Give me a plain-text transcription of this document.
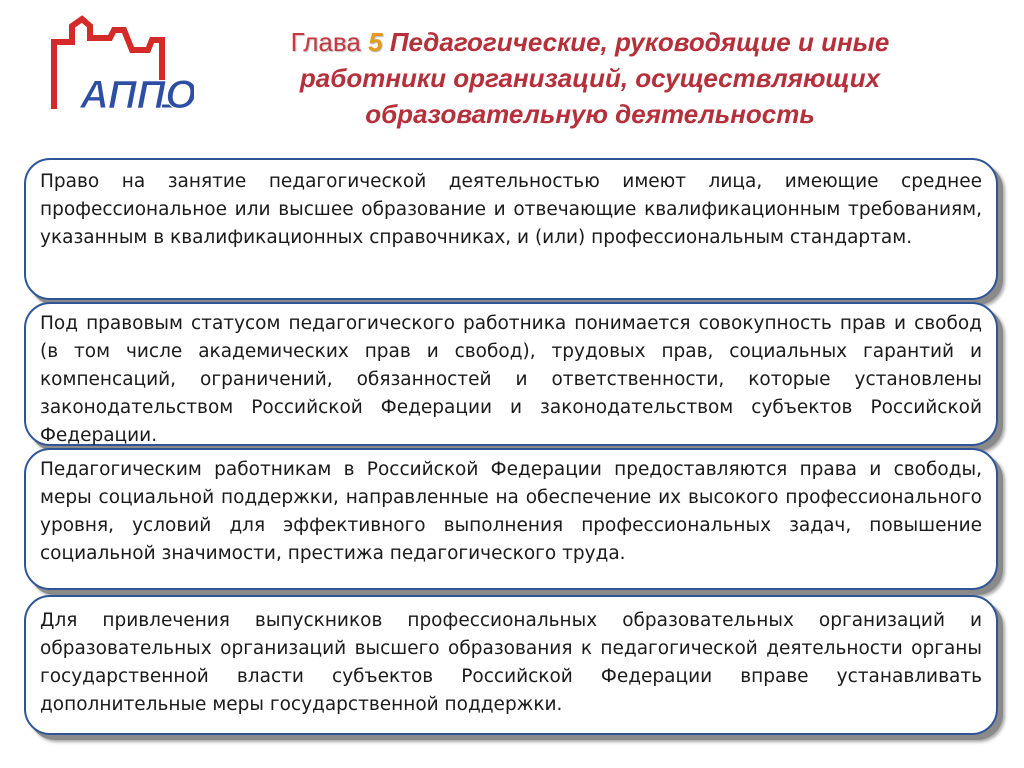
АППО
Глава 5 Педагогические, руководящие и иные работники организаций, осуществляющих образовательную деятельность

Право на занятие педагогической деятельностью имеют лица, имеющие среднее профессиональное или высшее образование и отвечающие квалификационным требованиям, указанным в квалификационных справочниках, и (или) профессиональным стандартам.

Под правовым статусом педагогического работника понимается совокупность прав и свобод (в том числе академических прав и свобод), трудовых прав, социальных гарантий и компенсаций, ограничений, обязанностей и ответственности, которые установлены законодательством Российской Федерации и законодательством субъектов Российской Федерации.

Педагогическим работникам в Российской Федерации предоставляются права и свободы, меры социальной поддержки, направленные на обеспечение их высокого профессионального уровня, условий для эффективного выполнения профессиональных задач, повышение социальной значимости, престижа педагогического труда.

Для привлечения выпускников профессиональных образовательных организаций и образовательных организаций высшего образования к педагогической деятельности органы государственной власти субъектов Российской Федерации вправе устанавливать дополнительные меры государственной поддержки.
